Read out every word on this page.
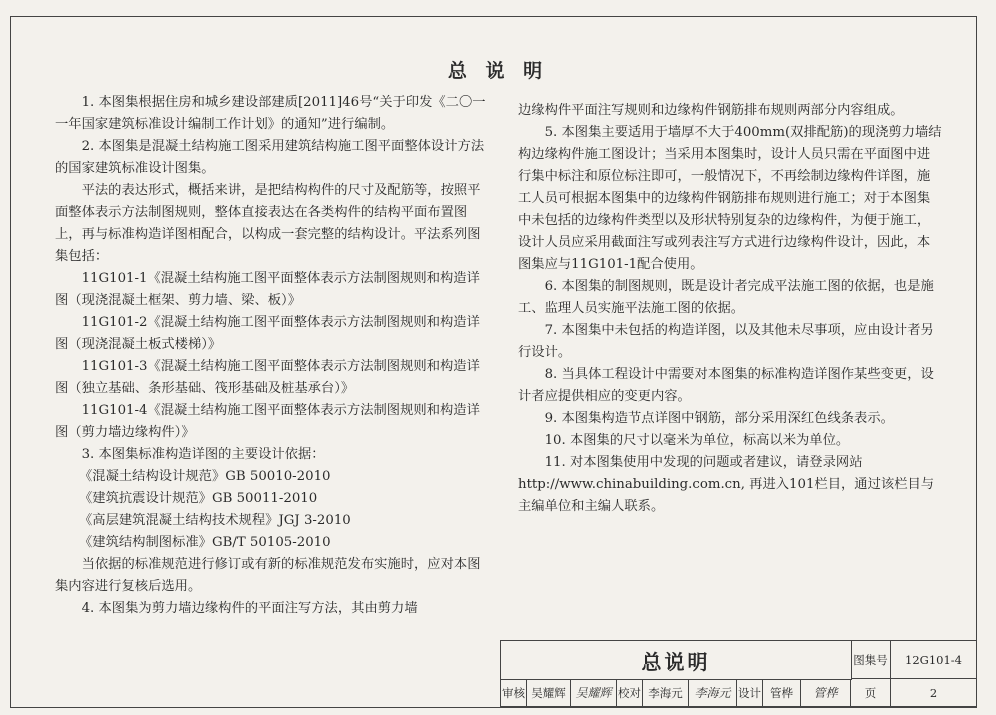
总 说 明

1. 本图集根据住房和城乡建设部建质[2011]46号“关于印发《二〇一一年国家建筑标准设计编制工作计划》的通知”进行编制。

2. 本图集是混凝土结构施工图采用建筑结构施工图平面整体设计方法的国家建筑标准设计图集。

平法的表达形式，概括来讲，是把结构构件的尺寸及配筋等，按照平面整体表示方法制图规则，整体直接表达在各类构件的结构平面布置图上，再与标准构造详图相配合，以构成一套完整的结构设计。平法系列图集包括：

11G101-1《混凝土结构施工图平面整体表示方法制图规则和构造详图（现浇混凝土框架、剪力墙、梁、板）》

11G101-2《混凝土结构施工图平面整体表示方法制图规则和构造详图（现浇混凝土板式楼梯）》

11G101-3《混凝土结构施工图平面整体表示方法制图规则和构造详图（独立基础、条形基础、筏形基础及桩基承台）》

11G101-4《混凝土结构施工图平面整体表示方法制图规则和构造详图（剪力墙边缘构件）》

3. 本图集标准构造详图的主要设计依据：

《混凝土结构设计规范》GB 50010-2010

《建筑抗震设计规范》GB 50011-2010

《高层建筑混凝土结构技术规程》JGJ 3-2010

《建筑结构制图标准》GB/T 50105-2010

当依据的标准规范进行修订或有新的标准规范发布实施时，应对本图集内容进行复核后选用。

4. 本图集为剪力墙边缘构件的平面注写方法，其由剪力墙

边缘构件平面注写规则和边缘构件钢筋排布规则两部分内容组成。

5. 本图集主要适用于墙厚不大于400mm(双排配筋)的现浇剪力墙结构边缘构件施工图设计；当采用本图集时，设计人员只需在平面图中进行集中标注和原位标注即可，一般情况下，不再绘制边缘构件详图，施工人员可根据本图集中的边缘构件钢筋排布规则进行施工；对于本图集中未包括的边缘构件类型以及形状特别复杂的边缘构件，为便于施工，设计人员应采用截面注写或列表注写方式进行边缘构件设计，因此，本图集应与11G101-1配合使用。

6. 本图集的制图规则，既是设计者完成平法施工图的依据，也是施工、监理人员实施平法施工图的依据。

7. 本图集中未包括的构造详图，以及其他未尽事项，应由设计者另行设计。

8. 当具体工程设计中需要对本图集的标准构造详图作某些变更，设计者应提供相应的变更内容。

9. 本图集构造节点详图中钢筋，部分采用深红色线条表示。

10. 本图集的尺寸以毫米为单位，标高以米为单位。

11. 对本图集使用中发现的问题或者建议，请登录网站

http://www.chinabuilding.com.cn, 再进入101栏目，通过该栏目与主编单位和主编人联系。

总说明	图集号	12G101-4
审核 吴耀辉 吴耀辉 校对 李海元 李海元 设计 管桦	管桦	页	2
